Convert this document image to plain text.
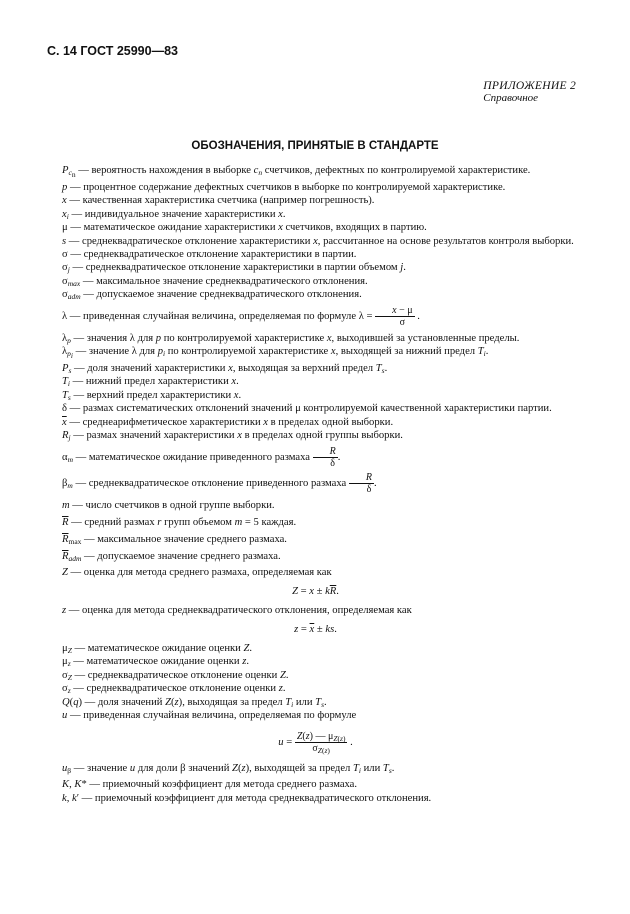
С. 14 ГОСТ 25990—83
ПРИЛОЖЕНИЕ 2
Справочное
ОБОЗНАЧЕНИЯ, ПРИНЯТЫЕ В СТАНДАРТЕ

$P_{c_n}$ — вероятность нахождения в выборке $c_n$ счетчиков, дефектных по контролируемой характеристике.

p — процентное содержание дефектных счетчиков в выборке по контролируемой характеристике.

x — качественная характеристика счетчика (например погрешность).

$x_i$ — индивидуальное значение характеристики x.

μ — математическое ожидание характеристики x счетчиков, входящих в партию.

s — среднеквадратическое отклонение характеристики x, рассчитанное на основе результатов контроля выборки.

σ — среднеквадратическое отклонение характеристики в партии.

$\sigma_j$ — среднеквадратическое отклонение характеристики в партии объемом j.

$\sigma_{max}$ — максимальное значение среднеквадратического отклонения.

$\sigma_{adm}$ — допускаемое значение среднеквадратического отклонения.

λ — приведенная случайная величина, определяемая по формуле $\lambda = \frac{x - \mu}{\sigma}$ .

$\lambda_p$ — значения λ для p по контролируемой характеристике x, выходившей за установленные пределы.

$\lambda_{p_i}$ — значение λ для $p_i$ по контролируемой характеристике x, выходящей за нижний предел $T_i$.

$P_s$ — доля значений характеристики x, выходящая за верхний предел $T_s$.

$T_i$ — нижний предел характеристики x.

$T_s$ — верхний предел характеристики x.

δ — размах систематических отклонений значений μ контролируемой качественной характеристики партии.

$\overline{x}$ — среднеарифметическое характеристики x в пределах одной выборки.

$R_j$ — размах значений характеристики x в пределах одной группы выборки.

$\alpha_m$ — математическое ожидание приведенного размаха $\frac{R}{\delta}$ .

$\beta_m$ — среднеквадратическое отклонение приведенного размаха $\frac{R}{\delta}$ .

m — число счетчиков в одной группе выборки.

$\overline{R}$ — средний размах r групп объемом m = 5 каждая.

$\overline{R}_{max}$ — максимальное значение среднего размаха.

$\overline{R}_{adm}$ — допускаемое значение среднего размаха.

Z — оценка для метода среднего размаха, определяемая как

$Z = x \pm k\overline{R}$.

z — оценка для метода среднеквадратического отклонения, определяемая как

$z = \overline{x}$ ± ks.

$\mu_Z$ — математическое ожидание оценки Z.

$\mu_z$ — математическое ожидание оценки z.

$\sigma_Z$ — среднеквадратическое отклонение оценки Z.

$\sigma_z$ — среднеквадратическое отклонение оценки z.

Q(q) — доля значений Z(z), выходящая за предел $T_i$ или $T_s$.

u — приведенная случайная величина, определяемая по формуле

$u = \frac{Z(z) — \mu_{Z(z)}}{\sigma_{Z(z)}}$ .

$u_\beta$ — значение u для доли β значений Z(z), выходящей за предел $T_i$ или $T_s$.

K, K* — приемочный коэффициент для метода среднего размаха.

k, k′ — приемочный коэффициент для метода среднеквадратического отклонения.
